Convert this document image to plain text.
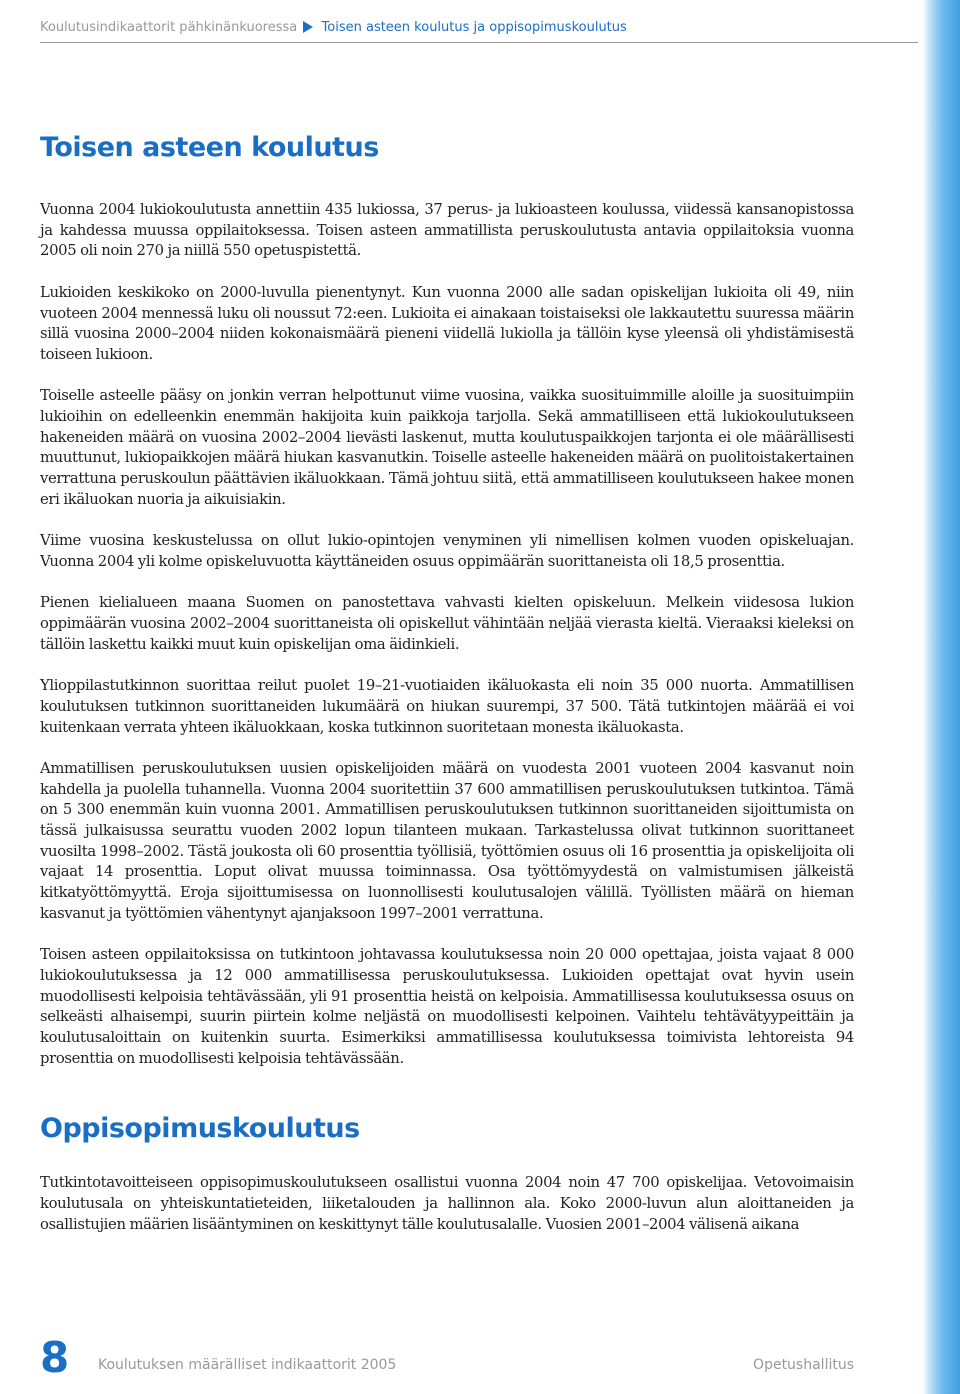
Koulutusindikaattorit pähkinänkuoressa Toisen asteen koulutus ja oppisopimuskoulutus
Toisen asteen koulutus

Vuonna 2004 lukiokoulutusta annettiin 435 lukiossa, 37 perus- ja lukioasteen koulussa, viidessä kansanopistossa ja kahdessa muussa oppilaitoksessa. Toisen asteen ammatillista peruskoulutusta antavia oppilaitoksia vuonna 2005 oli noin 270 ja niillä 550 opetuspistettä.

Lukioiden keskikoko on 2000-luvulla pienentynyt. Kun vuonna 2000 alle sadan opiskelijan lukioita oli 49, niin vuoteen 2004 mennessä luku oli noussut 72:een. Lukioita ei ainakaan toistaiseksi ole lakkautettu suuressa määrin sillä vuosina 2000–2004 niiden kokonaismäärä pieneni viidellä lukiolla ja tällöin kyse yleensä oli yhdistämisestä toiseen lukioon.

Toiselle asteelle pääsy on jonkin verran helpottunut viime vuosina, vaikka suosituimmille aloille ja suosituimpiin lukioihin on edelleenkin enemmän hakijoita kuin paikkoja tarjolla. Sekä ammatilliseen että lukiokoulutukseen hakeneiden määrä on vuosina 2002–2004 lievästi laskenut, mutta koulutuspaikkojen tarjonta ei ole määrällisesti muuttunut, lukiopaikkojen määrä hiukan kasvanutkin. Toiselle asteelle hakeneiden määrä on puolitoistakertainen verrattuna peruskoulun päättävien ikäluokkaan. Tämä johtuu siitä, että ammatilliseen koulutukseen hakee monen eri ikäluokan nuoria ja aikuisiakin.

Viime vuosina keskustelussa on ollut lukio-opintojen venyminen yli nimellisen kolmen vuoden opiskeluajan. Vuonna 2004 yli kolme opiskeluvuotta käyttäneiden osuus oppimäärän suorittaneista oli 18,5 prosenttia.

Pienen kielialueen maana Suomen on panostettava vahvasti kielten opiskeluun. Melkein viidesosa lukion oppimäärän vuosina 2002–2004 suorittaneista oli opiskellut vähintään neljää vierasta kieltä. Vieraaksi kieleksi on tällöin laskettu kaikki muut kuin opiskelijan oma äidinkieli.

Ylioppilastutkinnon suorittaa reilut puolet 19–21-vuotiaiden ikäluokasta eli noin 35 000 nuorta. Ammatillisen koulutuksen tutkinnon suorittaneiden lukumäärä on hiukan suurempi, 37 500. Tätä tutkintojen määrää ei voi kuitenkaan verrata yhteen ikäluokkaan, koska tutkinnon suoritetaan monesta ikäluokasta.

Ammatillisen peruskoulutuksen uusien opiskelijoiden määrä on vuodesta 2001 vuoteen 2004 kasvanut noin kahdella ja puolella tuhannella. Vuonna 2004 suoritettiin 37 600 ammatillisen peruskoulutuksen tutkintoa. Tämä on 5 300 enemmän kuin vuonna 2001. Ammatillisen peruskoulutuksen tutkinnon suorittaneiden sijoittumista on tässä julkaisussa seurattu vuoden 2002 lopun tilanteen mukaan. Tarkastelussa olivat tutkinnon suorittaneet vuosilta 1998–2002. Tästä joukosta oli 60 prosenttia työllisiä, työttömien osuus oli 16 prosenttia ja opiskelijoita oli vajaat 14 prosenttia. Loput olivat muussa toiminnassa. Osa työttömyydestä on valmistumisen jälkeistä kitkatyöttömyyttä. Eroja sijoittumisessa on luonnollisesti koulutusalojen välillä. Työllisten määrä on hieman kasvanut ja työttömien vähentynyt ajanjaksoon 1997–2001 verrattuna.

Toisen asteen oppilaitoksissa on tutkintoon johtavassa koulutuksessa noin 20 000 opettajaa, joista vajaat 8 000 lukiokoulutuksessa ja 12 000 ammatillisessa peruskoulutuksessa. Lukioiden opettajat ovat hyvin usein muodollisesti kelpoisia tehtävässään, yli 91 prosenttia heistä on kelpoisia. Ammatillisessa koulutuksessa osuus on selkeästi alhaisempi, suurin piirtein kolme neljästä on muodollisesti kelpoinen. Vaihtelu tehtävätyypeittäin ja koulutusaloittain on kuitenkin suurta. Esimerkiksi ammatillisessa koulutuksessa toimivista lehtoreista 94 prosenttia on muodollisesti kelpoisia tehtävässään.

Oppisopimuskoulutus

Tutkintotavoitteiseen oppisopimuskoulutukseen osallistui vuonna 2004 noin 47 700 opiskelijaa. Vetovoimaisin koulutusala on yhteiskuntatieteiden, liiketalouden ja hallinnon ala. Koko 2000-luvun alun aloittaneiden ja osallistujien määrien lisääntyminen on keskittynyt tälle koulutusalalle. Vuosien 2001–2004 välisenä aikana

8 Koulutuksen määrälliset indikaattorit 2005	Opetushallitus
